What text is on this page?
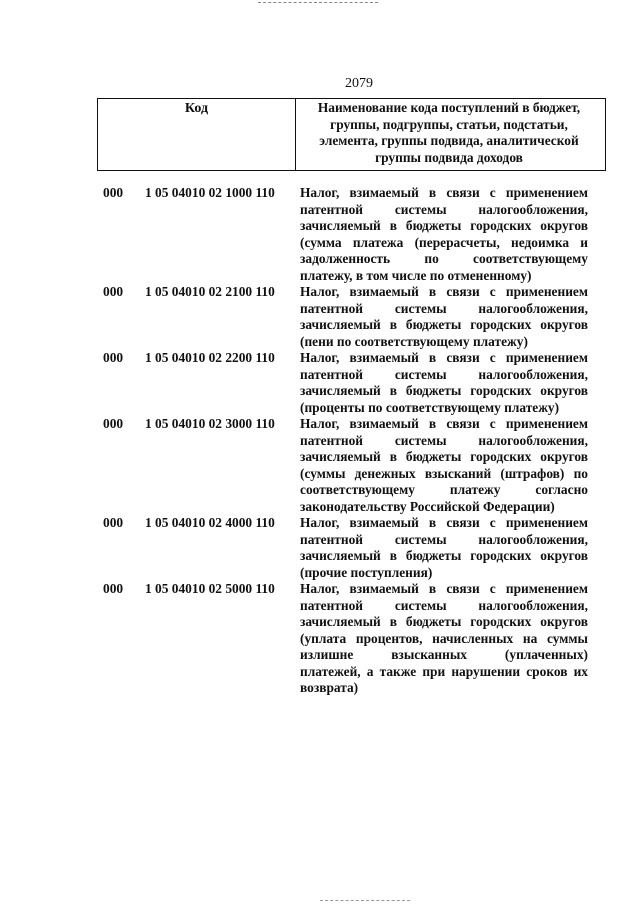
2079
Код	Наименование кода поступлений в бюджет,
группы, подгруппы, статьи, подстатьи,
элемента, группы подвида, аналитической
группы подвида доходов
000 1 05 04010 02 1000 110 Налог, взимаемый в связи с применением
патентной системы налогообложения,
зачисляемый в бюджеты городских округов
(сумма платежа (перерасчеты, недоимка и
задолженность по соответствующему
платежу, в том числе по отмененному)
000 1 05 04010 02 2100 110 Налог, взимаемый в связи с применением
патентной системы налогообложения,
зачисляемый в бюджеты городских округов
(пени по соответствующему платежу)
000 1 05 04010 02 2200 110 Налог, взимаемый в связи с применением
патентной системы налогообложения,
зачисляемый в бюджеты городских округов
(проценты по соответствующему платежу)
000 1 05 04010 02 3000 110 Налог, взимаемый в связи с применением
патентной системы налогообложения,
зачисляемый в бюджеты городских округов
(суммы денежных взысканий (штрафов) по
соответствующему платежу согласно
законодательству Российской Федерации)
000 1 05 04010 02 4000 110 Налог, взимаемый в связи с применением
патентной системы налогообложения,
зачисляемый в бюджеты городских округов
(прочие поступления)
000 1 05 04010 02 5000 110 Налог, взимаемый в связи с применением
патентной системы налогообложения,
зачисляемый в бюджеты городских округов
(уплата процентов, начисленных на суммы
излишне взысканных (уплаченных)
платежей, а также при нарушении сроков их
возврата)
